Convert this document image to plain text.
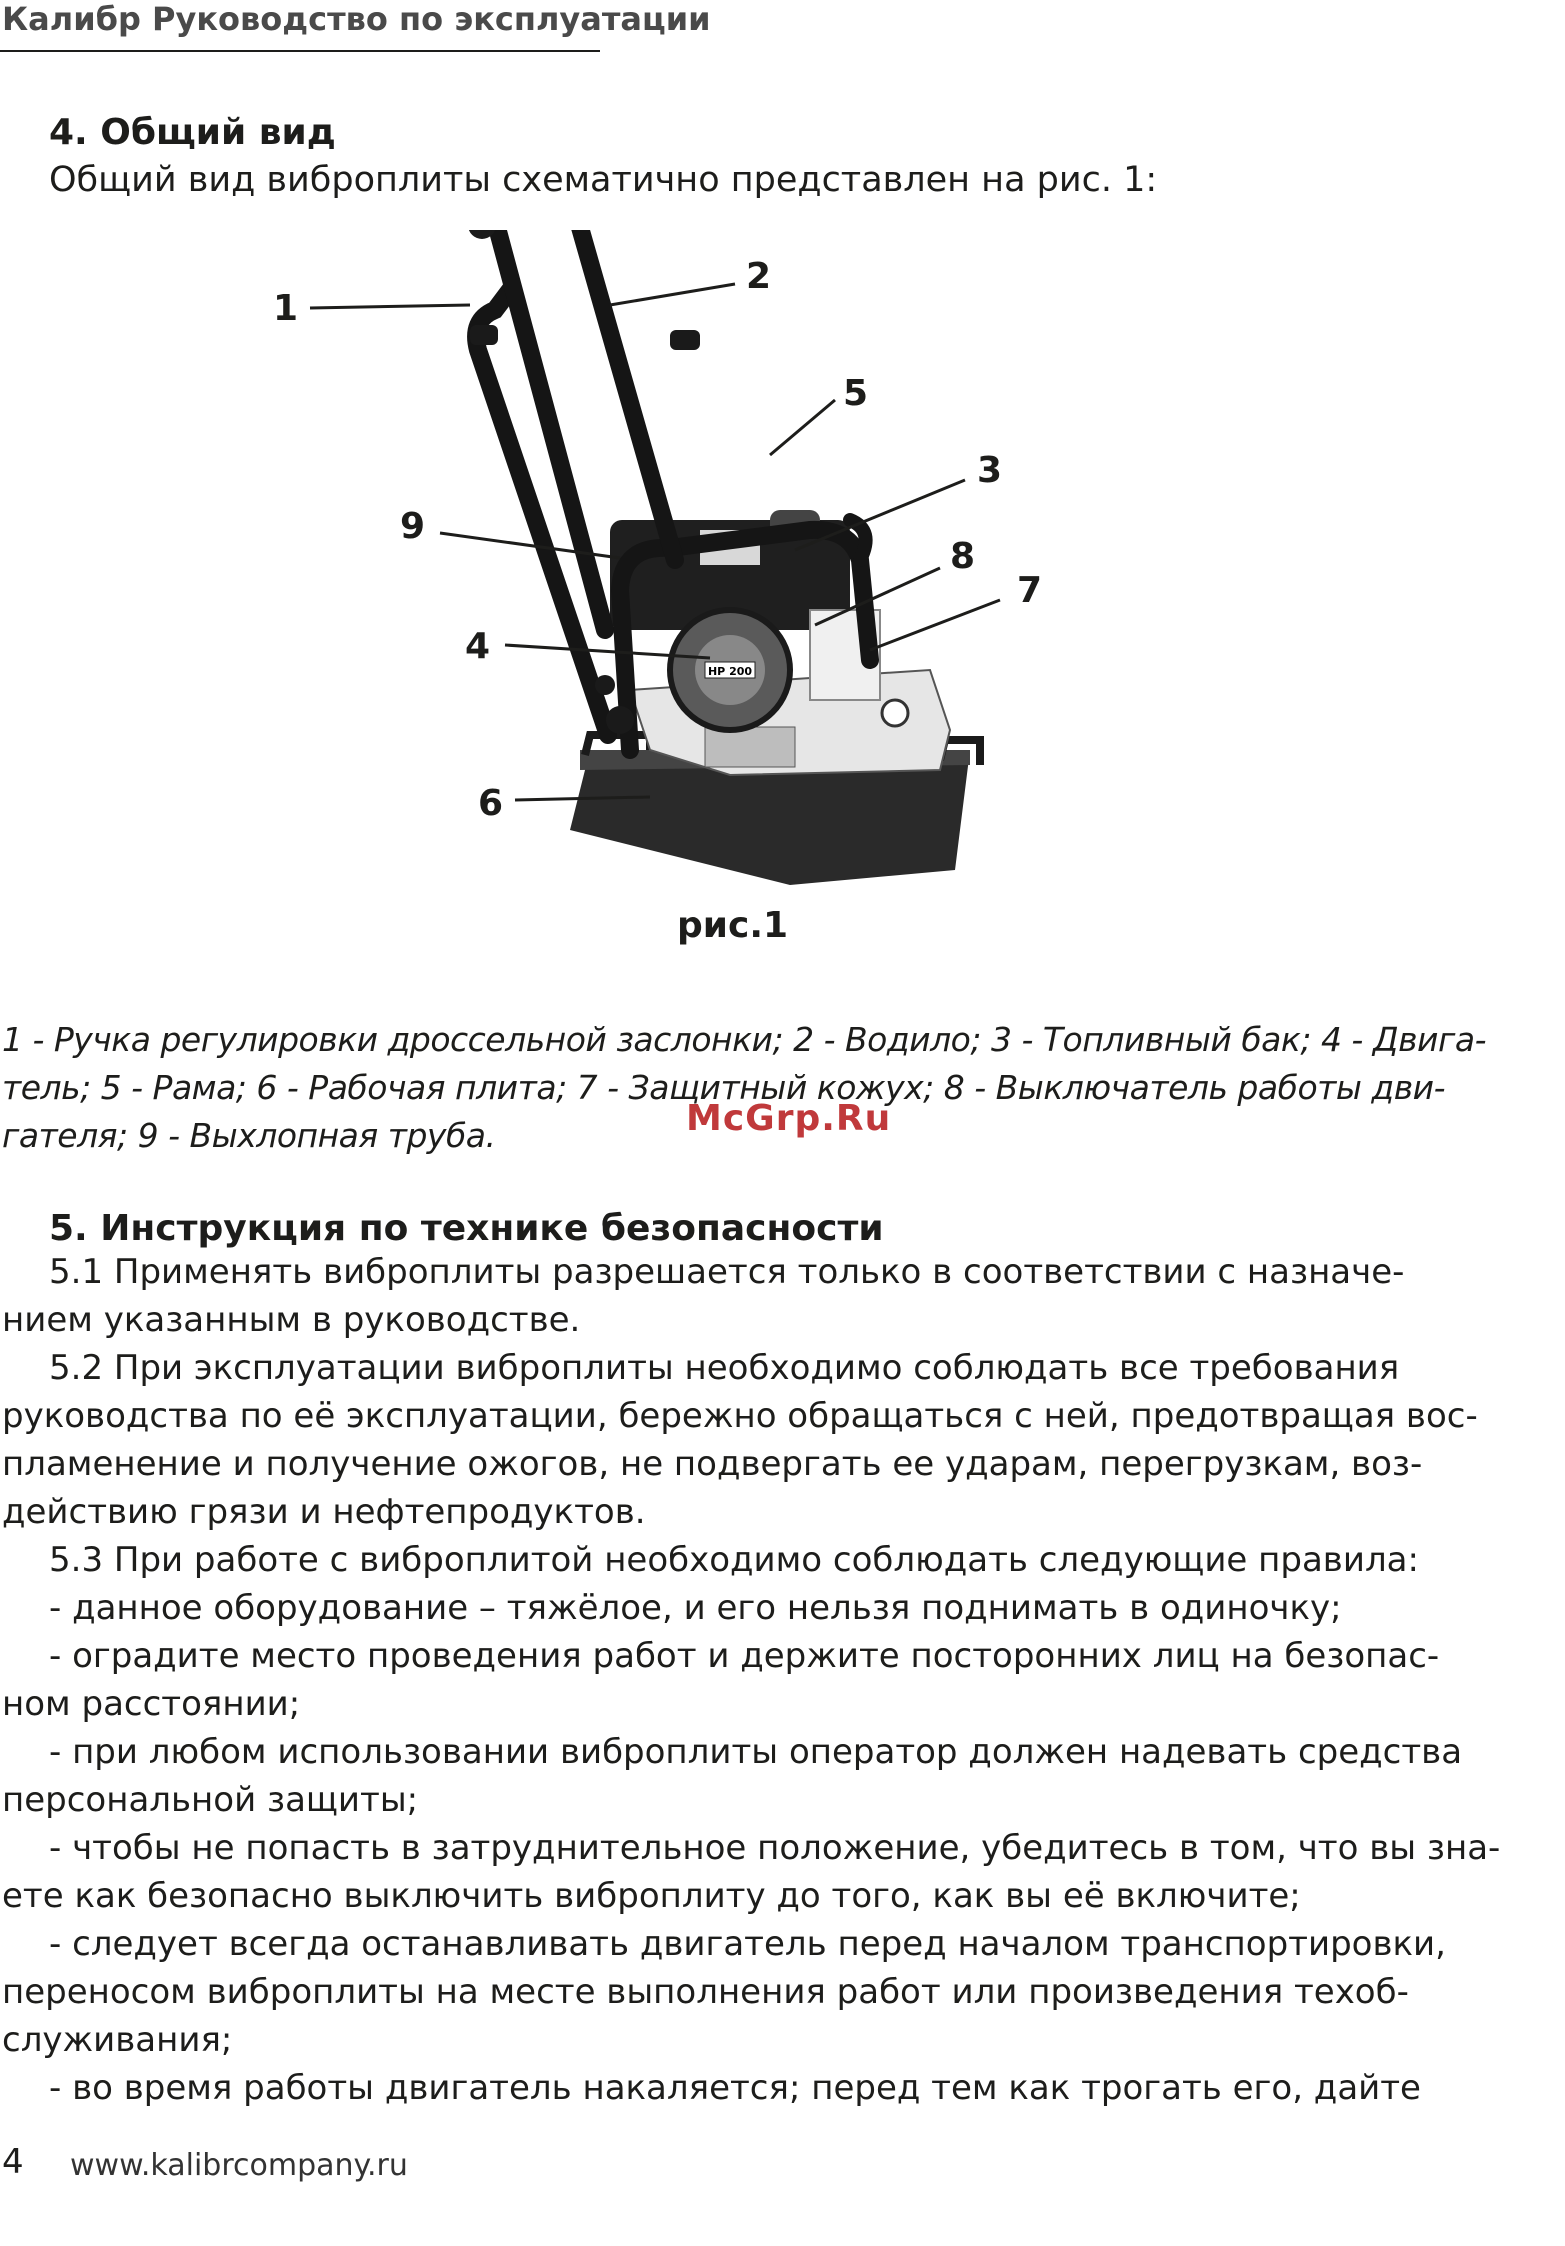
Калибр Руководство по эксплуатации
4. Общий вид
Общий вид виброплиты схематично представлен на рис. 1:
HP 200
1
2
5
3
9
8
7
4
6
рис.1
1 - Ручка регулировки дроссельной заслонки; 2 - Водило; 3 - Топливный бак; 4 - Двига-
тель; 5 - Рама; 6 - Рабочая плита; 7 - Защитный кожух; 8 - Выключатель работы дви-
гателя; 9 - Выхлопная труба.	McGrp.Ru
5. Инструкция по технике безопасности
5.1 Применять виброплиты разрешается только в соответствии с назначе-
нием указанным в руководстве.
5.2 При эксплуатации виброплиты необходимо соблюдать все требования
руководства по её эксплуатации, бережно обращаться с ней, предотвращая вос-
пламенение и получение ожогов, не подвергать ее ударам, перегрузкам, воз-
действию грязи и нефтепродуктов.
5.3 При работе с виброплитой необходимо соблюдать следующие правила:
- данное оборудование – тяжёлое, и его нельзя поднимать в одиночку;
- оградите место проведения работ и держите посторонних лиц на безопас-
ном расстоянии;
- при любом использовании виброплиты оператор должен надевать средства
персональной защиты;
- чтобы не попасть в затруднительное положение, убедитесь в том, что вы зна-
ете как безопасно выключить виброплиту до того, как вы её включите;
- следует всегда останавливать двигатель перед началом транспортировки,
переносом виброплиты на месте выполнения работ или произведения техоб-
служивания;
- во время работы двигатель накаляется; перед тем как трогать его, дайте
4 www.kalibrcompany.ru
